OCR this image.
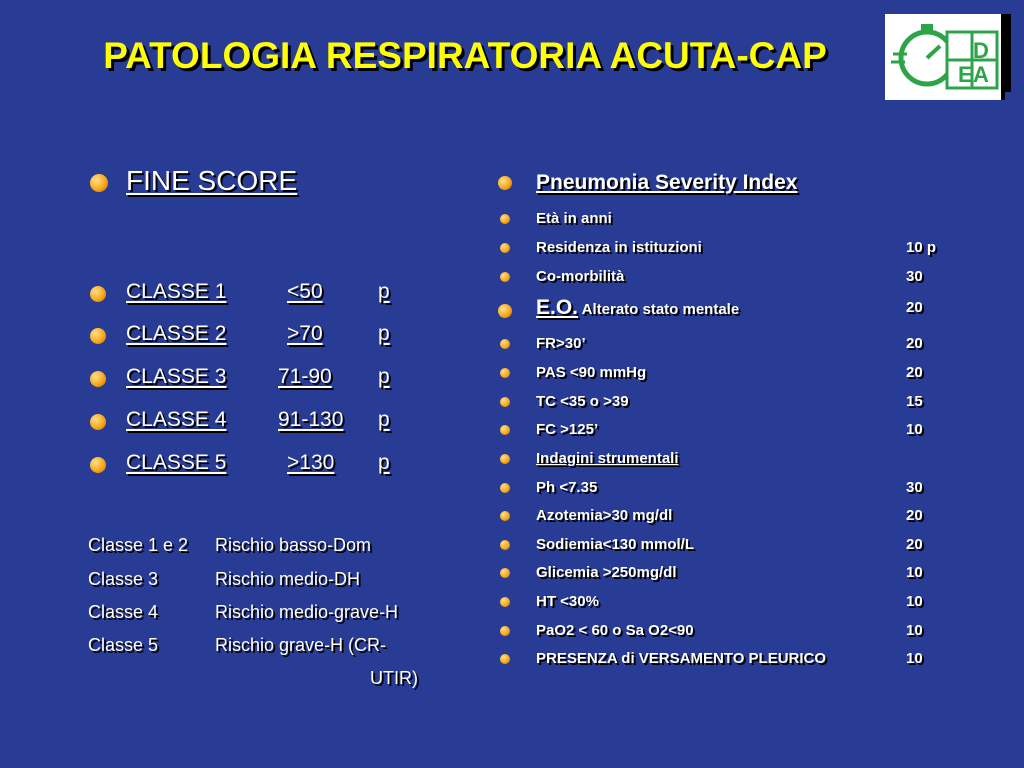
PATOLOGIA RESPIRATORIA ACUTA-CAP	D
E A
FINE SCORE
CLASSE 1	<50	p
CLASSE 2	>70	p
CLASSE 3 71-90 p
CLASSE 4 91-130 p
CLASSE 5	>130 p
Classe 1 e 2 Rischio basso-Dom
Classe 3	Rischio medio-DH
Classe 4	Rischio medio-grave-H
Classe 5	Rischio grave-H (CR-
UTIR)
Pneumonia Severity Index
Età in anni
Residenza in istituzioni	10 p
Co-morbilità	30
E.O. Alterato stato mentale	20
FR>30’	20
PAS <90 mmHg	20
TC <35 o >39	15
FC >125’	10
Indagini strumentali
Ph <7.35	30
Azotemia>30 mg/dl	20
Sodiemia<130 mmol/L	20
Glicemia >250mg/dl	10
HT <30%	10
PaO2 < 60 o Sa O2<90	10
PRESENZA di VERSAMENTO PLEURICO	10
